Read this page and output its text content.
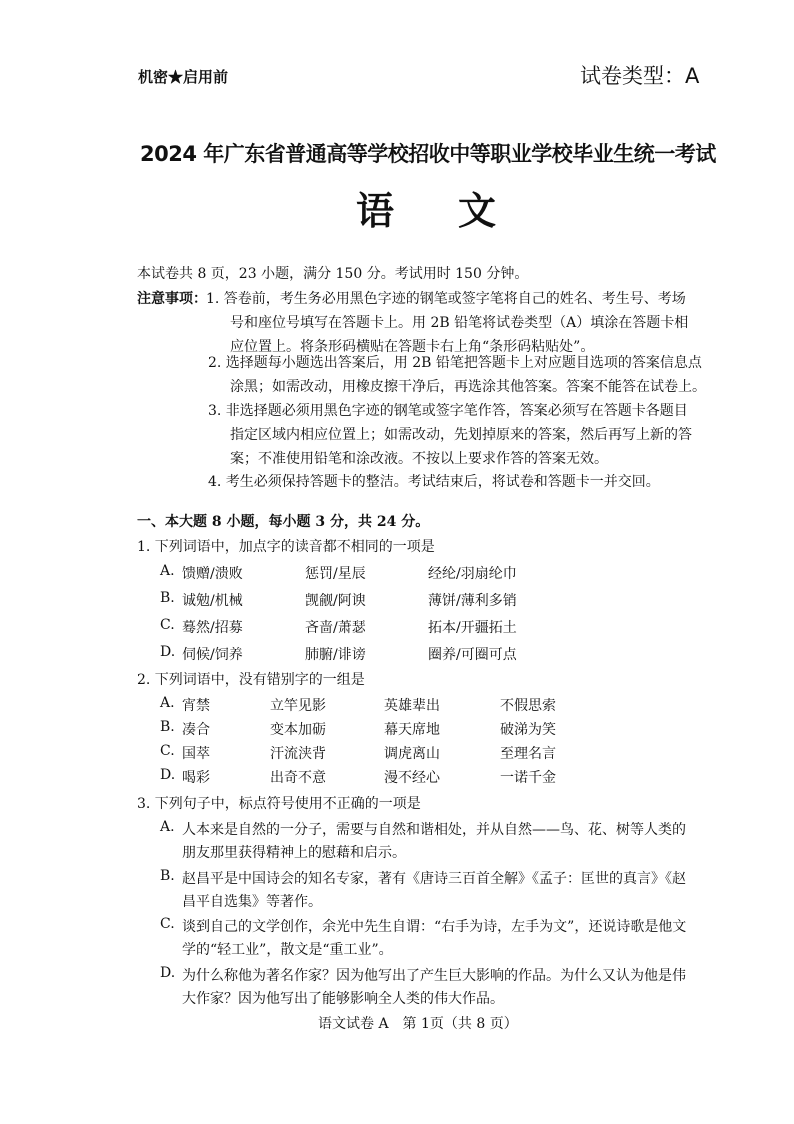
机密★启用前	试卷类型：A
2024 年广东省普通高等学校招收中等职业学校毕业生统一考试
语文
本试卷共 8 页，23 小题，满分 150 分。考试用时 150 分钟。
注意事项： 1. 答卷前，考生务必用黑色字迹的钢笔或签字笔将自己的姓名、考生号、考场
号和座位号填写在答题卡上。用 2B 铅笔将试卷类型（A）填涂在答题卡相
应位置上。将条形码横贴在答题卡右上角“条形码粘贴处”。
2. 选择题每小题选出答案后，用 2B 铅笔把答题卡上对应题目选项的答案信息点
涂黑；如需改动，用橡皮擦干净后，再选涂其他答案。答案不能答在试卷上。
3. 非选择题必须用黑色字迹的钢笔或签字笔作答，答案必须写在答题卡各题目
指定区域内相应位置上；如需改动，先划掉原来的答案，然后再写上新的答
案；不准使用铅笔和涂改液。不按以上要求作答的答案无效。
4. 考生必须保持答题卡的整洁。考试结束后，将试卷和答题卡一并交回。
一、本大题 8 小题，每小题 3 分，共 24 分。
1. 下列词语中，加点字的读音都不相同的一项是
A. 馈赠/溃败	惩罚/星辰	经纶/羽扇纶巾
B. 诚勉/机械	觊觎/阿谀	薄饼/薄利多销
C. 蓦然/招募	吝啬/萧瑟	拓本/开疆拓土
D. 伺候/饲养	肺腑/诽谤	圈养/可圈可点
2. 下列词语中，没有错别字的一组是
A. 宵禁	立竿见影	英雄辈出	不假思索
B. 凑合	变本加砺	幕天席地	破涕为笑
C. 国萃	汗流浃背	调虎离山	至理名言
D. 喝彩	出奇不意	漫不经心	一诺千金
3. 下列句子中，标点符号使用不正确的一项是
A. 人本来是自然的一分子，需要与自然和谐相处，并从自然——鸟、花、树等人类的
朋友那里获得精神上的慰藉和启示。
B. 赵昌平是中国诗会的知名专家，著有《唐诗三百首全解》《孟子：匡世的真言》《赵
昌平自选集》等著作。
C. 谈到自己的文学创作，余光中先生自谓：“右手为诗，左手为文”，还说诗歌是他文
学的“轻工业”，散文是“重工业”。
D. 为什么称他为著名作家？因为他写出了产生巨大影响的作品。为什么又认为他是伟
大作家？因为他写出了能够影响全人类的伟大作品。
语文试卷 A　第 1页（共 8 页）
